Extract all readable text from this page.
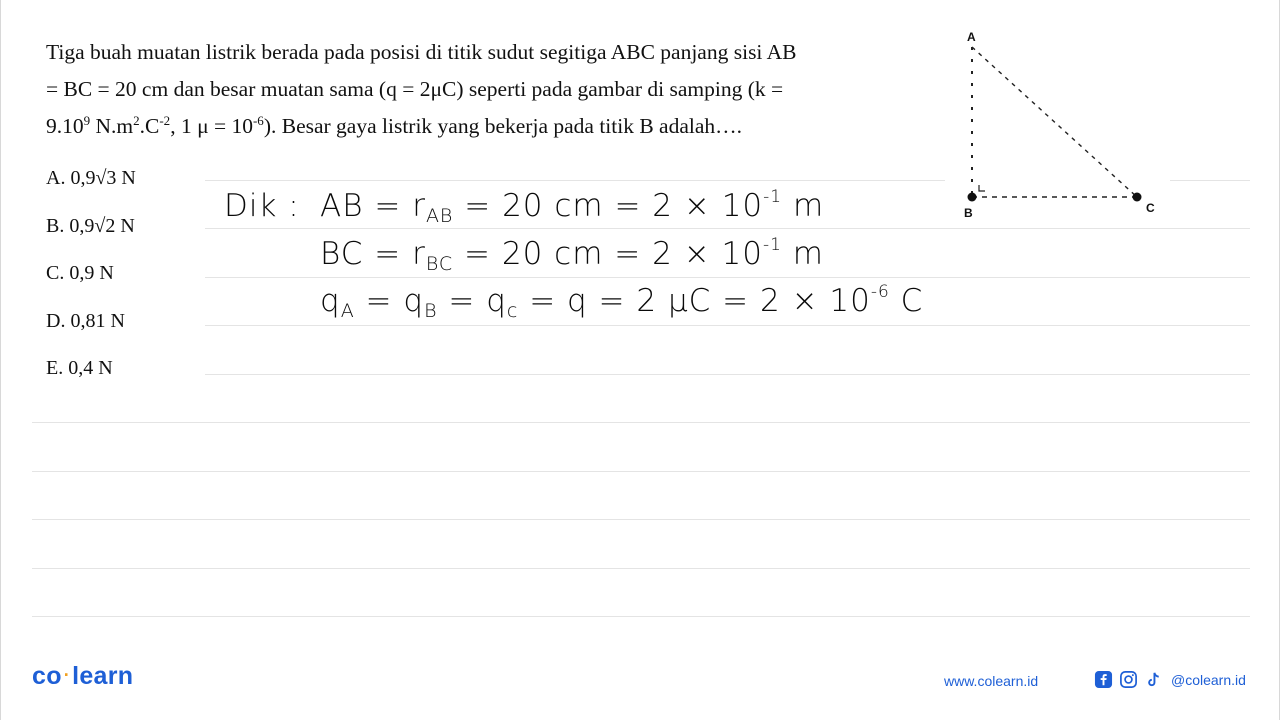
Tiga buah muatan listrik berada pada posisi di titik sudut segitiga ABC panjang sisi AB
= BC = 20 cm dan besar muatan sama (q = 2μC) seperti pada gambar di samping (k =
$9.10^9$ $N.m^2.C^{-2}$, 1 $\mu = 10^{-6}$). Besar gaya listrik yang bekerja pada titik B adalah….
A. 0,9√3 N
B. 0,9√2 N
C. 0,9 N
D. 0,81 N
E. 0,4 N
A
B	C
Dik : AB = $r_{AB} = 20$ cm = $2 \times 10^{-1}$ m
BC = $r_{BC} = 20$ cm = $2 \times 10^{-1}$ m
$q_A = q_B = q_c = q = 2$ $\mu C = 2 \times 10^{-6}$ C
co ·learn	www.colearn.id	@colearn.id
